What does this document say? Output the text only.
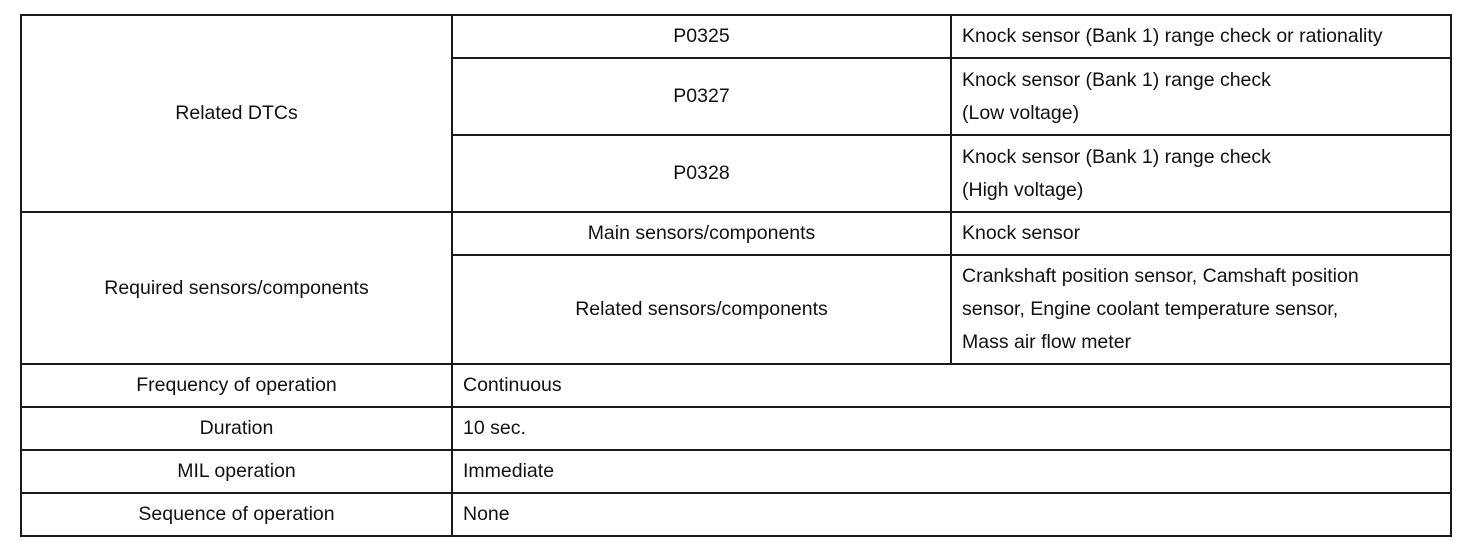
Related DTCs	P0325	Knock sensor (Bank 1) range check or rationality

	P0327	Knock sensor (Bank 1) range check
(Low voltage)

	P0328	Knock sensor (Bank 1) range check
(High voltage)

Required sensors/components	Main sensors/components	Knock sensor

	Related sensors/components	Crankshaft position sensor, Camshaft position
sensor, Engine coolant temperature sensor,
Mass air flow meter

Frequency of operation	Continuous	
Duration	10 sec.	
MIL operation	Immediate	
Sequence of operation	None	
